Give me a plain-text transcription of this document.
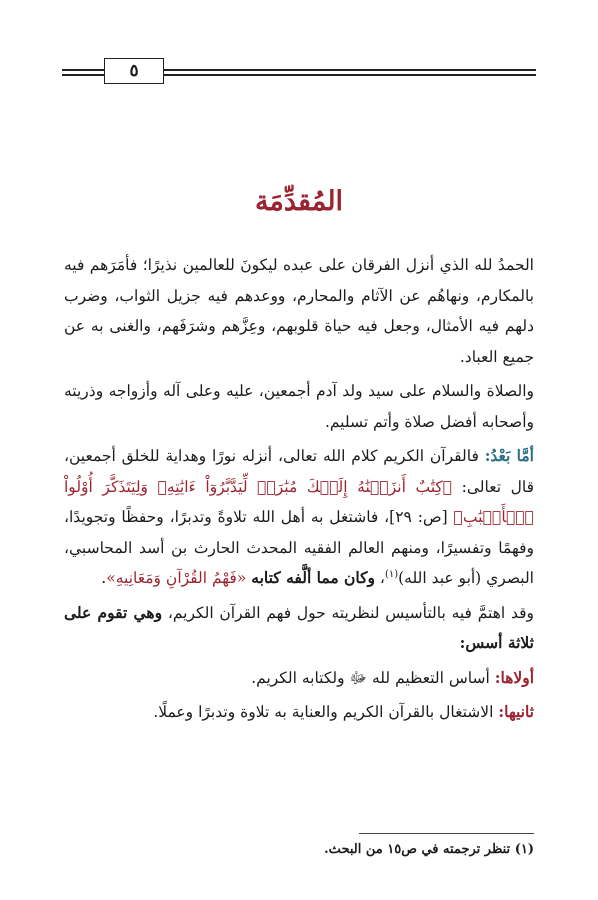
٥
المُقدِّمَة

الحمدُ لله الذي أنزل الفرقان على عبده ليكونَ للعالمين نذيرًا؛ فأمَرَهم فيه بالمكارم، ونهاهُم عن الآثام والمحارم، ووعدهم فيه جزيل الثواب، وضرب دلهم فيه الأمثال، وجعل فيه حياة قلوبهم، وعِزَّهم وشرَفَهم، والغنى به عن جميع العباد.

والصلاة والسلام على سيد ولد آدم أجمعين، عليه وعلى آله وأزواجه وذريته وأصحابه أفضل صلاة وأتم تسليم.

أمَّا بَعْدُ: فالقرآن الكريم كلام الله تعالى، أنزله نورًا وهداية للخلق أجمعين، قال تعالى: ﴿كِتَٰبٌ أَنزَلۡنَٰهُ إِلَيۡكَ مُبَٰرَكٞ لِّيَدَّبَّرُوٓاْ ءَايَٰتِهِۦ وَلِيَتَذَكَّرَ أُوْلُواْ ٱلۡأَلۡبَٰبِ﴾ [ص: ٢٩]، فاشتغل به أهل الله تلاوةً وتدبرًا، وحفظًا وتجويدًا، وفهمًا وتفسيرًا، ومنهم العالم الفقيه المحدث الحارث بن أسد المحاسبي، البصري (أبو عبد الله)$^{(١)}$، وكان مما ألَّفه كتابه «فَهْمُ القُرْآنِ وَمَعَانِيهِ».

وقد اهتمَّ فيه بالتأسيس لنظريته حول فهم القرآن الكريم، وهي تقوم على ثلاثة أسس:

أولاها: أساس التعظيم لله ﷻ ولكتابه الكريم.

ثانيها: الاشتغال بالقرآن الكريم والعناية به تلاوة وتدبرًا وعملًا.

(١) تنظر ترجمته في ص١٥ من البحث.
